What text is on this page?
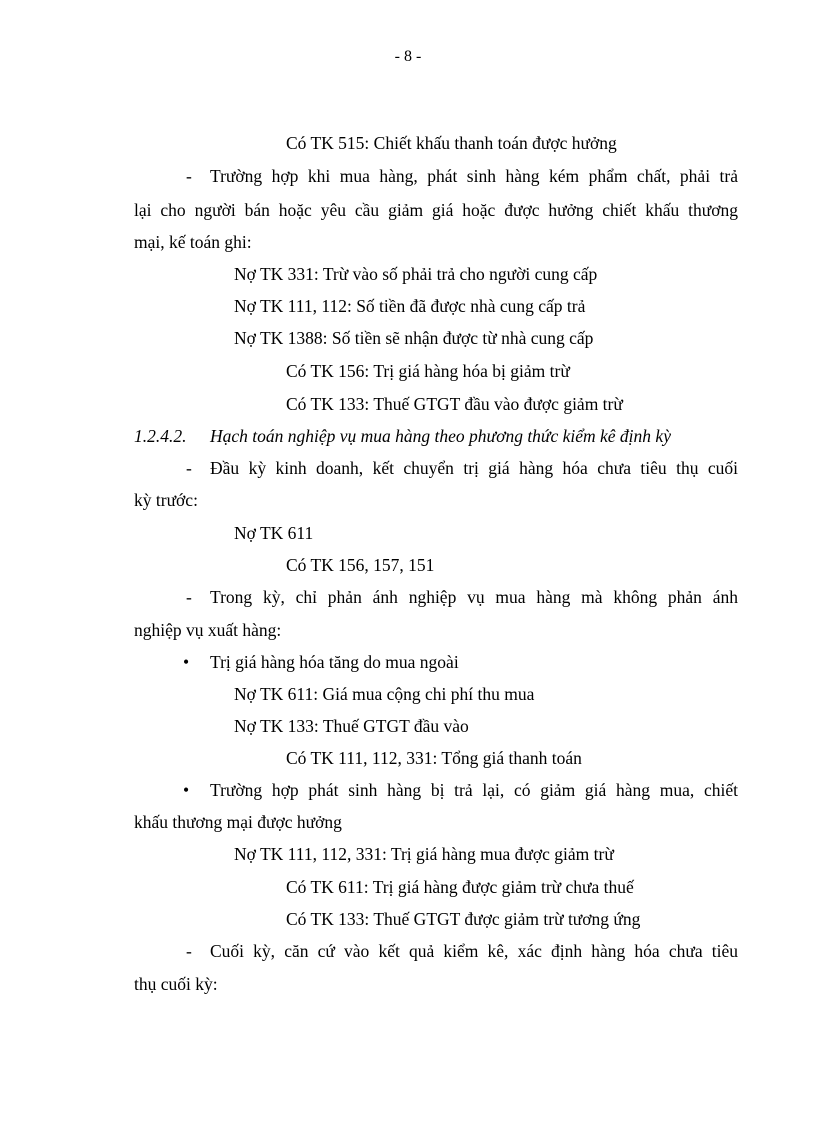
- 8 -
Có TK 515: Chiết khấu thanh toán được hưởng
- Trường hợp khi mua hàng, phát sinh hàng kém phẩm chất, phải trả
lại cho người bán hoặc yêu cầu giảm giá hoặc được hưởng chiết khấu thương
mại, kế toán ghi:
Nợ TK 331: Trừ vào số phải trả cho người cung cấp
Nợ TK 111, 112: Số tiền đã được nhà cung cấp trả
Nợ TK 1388: Số tiền sẽ nhận được từ nhà cung cấp
Có TK 156: Trị giá hàng hóa bị giảm trừ
Có TK 133: Thuế GTGT đầu vào được giảm trừ
1.2.4.2. Hạch toán nghiệp vụ mua hàng theo phương thức kiểm kê định kỳ
- Đầu kỳ kinh doanh, kết chuyển trị giá hàng hóa chưa tiêu thụ cuối
kỳ trước:
Nợ TK 611
Có TK 156, 157, 151
- Trong kỳ, chỉ phản ánh nghiệp vụ mua hàng mà không phản ánh
nghiệp vụ xuất hàng:
• Trị giá hàng hóa tăng do mua ngoài
Nợ TK 611: Giá mua cộng chi phí thu mua
Nợ TK 133: Thuế GTGT đầu vào
Có TK 111, 112, 331: Tổng giá thanh toán
• Trường hợp phát sinh hàng bị trả lại, có giảm giá hàng mua, chiết
khấu thương mại được hưởng
Nợ TK 111, 112, 331: Trị giá hàng mua được giảm trừ
Có TK 611: Trị giá hàng được giảm trừ chưa thuế
Có TK 133: Thuế GTGT được giảm trừ tương ứng
- Cuối kỳ, căn cứ vào kết quả kiểm kê, xác định hàng hóa chưa tiêu
thụ cuối kỳ:
